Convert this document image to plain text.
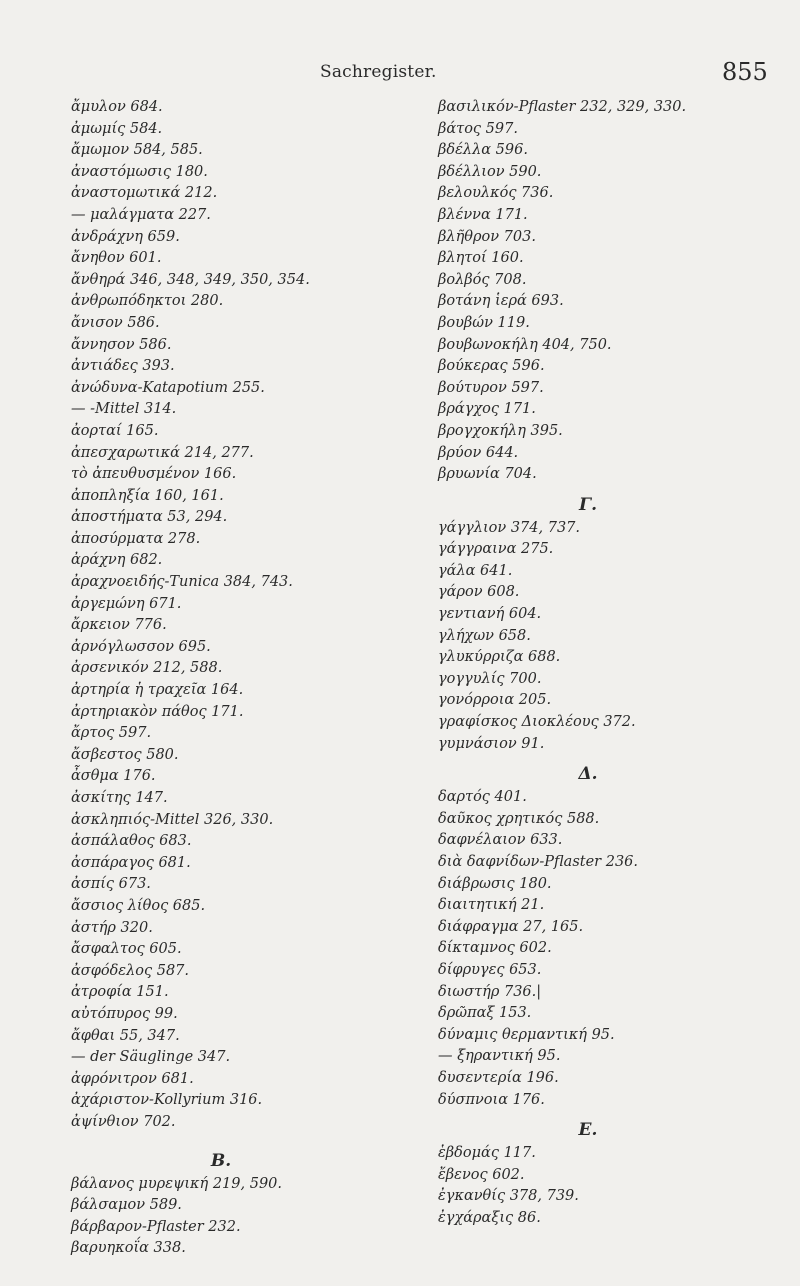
Sachregister.	855
ἄμυλον 684.
ἀμωμίς 584.
ἄμωμον 584, 585.
ἀναστόμωσις 180.
ἀναστομωτικά 212.
— μαλάγματα 227.
ἀνδράχνη 659.
ἄνηθον 601.
ἄνθηρά 346, 348, 349, 350, 354.
ἀνθρωπόδηκτοι 280.
ἄνισον 586.
ἄννησον 586.
ἀντιάδες 393.
ἀνώδυνα-Katapotium 255.
— -Mittel 314.
ἀορταί 165.
ἀπεσχαρωτικά 214, 277.
τὸ ἀπευθυσμένον 166.
ἀποπληξία 160, 161.
ἀποστήματα 53, 294.
ἀποσύρματα 278.
ἀράχνη 682.
ἀραχνοειδής-Tunica 384, 743.
ἀργεμώνη 671.
ἄρκειον 776.
ἀρνόγλωσσον 695.
ἀρσενικόν 212, 588.
ἀρτηρία ἡ τραχεῖα 164.
ἀρτηριακὸν πάθος 171.
ἄρτος 597.
ἄσβεστος 580.
ἆσθμα 176.
ἀσκίτης 147.
ἀσκληπιός-Mittel 326, 330.
ἀσπάλαθος 683.
ἀσπάραγος 681.
ἀσπίς 673.
ἄσσιος λίθος 685.
ἀστήρ 320.
ἄσφαλτος 605.
ἀσφόδελος 587.
ἀτροφία 151.
αὐτόπυρος 99.
ἄφθαι 55, 347.
— der Säuglinge 347.
ἀφρόνιτρον 681.
ἀχάριστον-Kollyrium 316.
ἀψίνθιον 702.
B.
βάλανος μυρεψική 219, 590.
βάλσαμον 589.
βάρβαρον-Pflaster 232.
βαρυηκοΐα 338.
βασιλικόν-Pflaster 232, 329, 330.
βάτος 597.
βδέλλα 596.
βδέλλιον 590.
βελουλκός 736.
βλέννα 171.
βλῆθρον 703.
βλητοί 160.
βολβός 708.
βοτάνη ἱερά 693.
βουβών 119.
βουβωνοκήλη 404, 750.
βούκερας 596.
βούτυρον 597.
βράγχος 171.
βρογχοκήλη 395.
βρύον 644.
βρυωνία 704.
Γ.
γάγγλιον 374, 737.
γάγγραινα 275.
γάλα 641.
γάρον 608.
γεντιανή 604.
γλήχων 658.
γλυκύρριζα 688.
γογγυλίς 700.
γονόρροια 205.
γραφίσκος Διοκλέους 372.
γυμνάσιον 91.
Δ.
δαρτός 401.
δαῦκος χρητικός 588.
δαφνέλαιον 633.
διὰ δαφνίδων-Pflaster 236.
διάβρωσις 180.
διαιτητική 21.
διάφραγμα 27, 165.
δίκταμνος 602.
δίφρυγες 653.
διωστήρ 736.|
δρῶπαξ 153.
δύναμις θερμαντική 95.
— ξηραντική 95.
δυσεντερία 196.
δύσπνοια 176.
E.
ἑβδομάς 117.
ἔβενος 602.
ἐγκανθίς 378, 739.
ἐγχάραξις 86.
